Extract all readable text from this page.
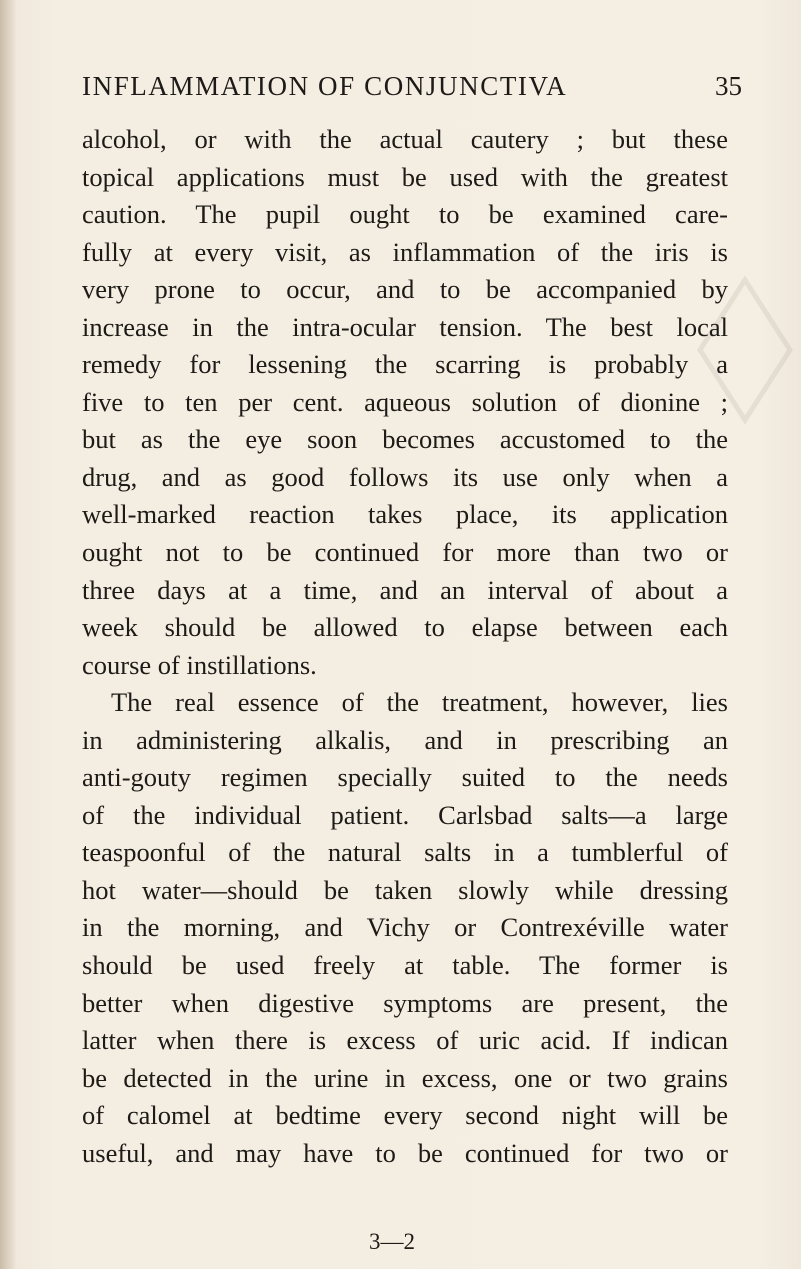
INFLAMMATION OF CONJUNCTIVA	35
alcohol, or with the actual cautery ; but these
topical applications must be used with the greatest
caution. The pupil ought to be examined care-
fully at every visit, as inflammation of the iris is
very prone to occur, and to be accompanied by
increase in the intra-ocular tension. The best local
remedy for lessening the scarring is probably a
five to ten per cent. aqueous solution of dionine ;
but as the eye soon becomes accustomed to the
drug, and as good follows its use only when a
well-marked reaction takes place, its application
ought not to be continued for more than two or
three days at a time, and an interval of about a
week should be allowed to elapse between each
course of instillations.
The real essence of the treatment, however, lies
in administering alkalis, and in prescribing an
anti-gouty regimen specially suited to the needs
of the individual patient. Carlsbad salts—a large
teaspoonful of the natural salts in a tumblerful of
hot water—should be taken slowly while dressing
in the morning, and Vichy or Contrexéville water
should be used freely at table. The former is
better when digestive symptoms are present, the
latter when there is excess of uric acid. If indican
be detected in the urine in excess, one or two grains
of calomel at bedtime every second night will be
useful, and may have to be continued for two or
3—2
